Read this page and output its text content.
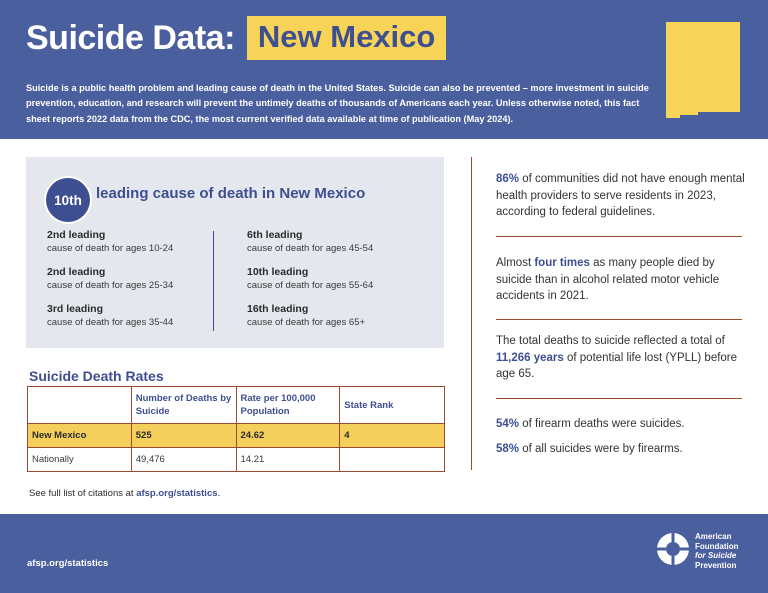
Suicide Data: New Mexico
Suicide is a public health problem and leading cause of death in the United States. Suicide can also be prevented – more investment in suicide prevention, education, and research will prevent the untimely deaths of thousands of Americans each year. Unless otherwise noted, this fact sheet reports 2022 data from the CDC, the most current verified data available at time of publication (May 2024).
10th leading cause of death in New Mexico
2nd leading
cause of death for ages 10-24
2nd leading
cause of death for ages 25-34
3rd leading
cause of death for ages 35-44
6th leading
cause of death for ages 45-54
10th leading
cause of death for ages 55-64
16th leading
cause of death for ages 65+
Suicide Death Rates
	Number of Deaths by Suicide	Rate per 100,000 Population	State Rank
New Mexico	525	24.62	4
Nationally	49,476	14.21	
See full list of citations at afsp.org/statistics.
86% of communities did not have enough mental health providers to serve residents in 2023, according to federal guidelines.
Almost four times as many people died by suicide than in alcohol related motor vehicle accidents in 2021.
The total deaths to suicide reflected a total of 11,266 years of potential life lost (YPLL) before age 65.
54% of firearm deaths were suicides.
58% of all suicides were by firearms.
afsp.org/statistics
American
Foundation
for Suicide
Prevention
